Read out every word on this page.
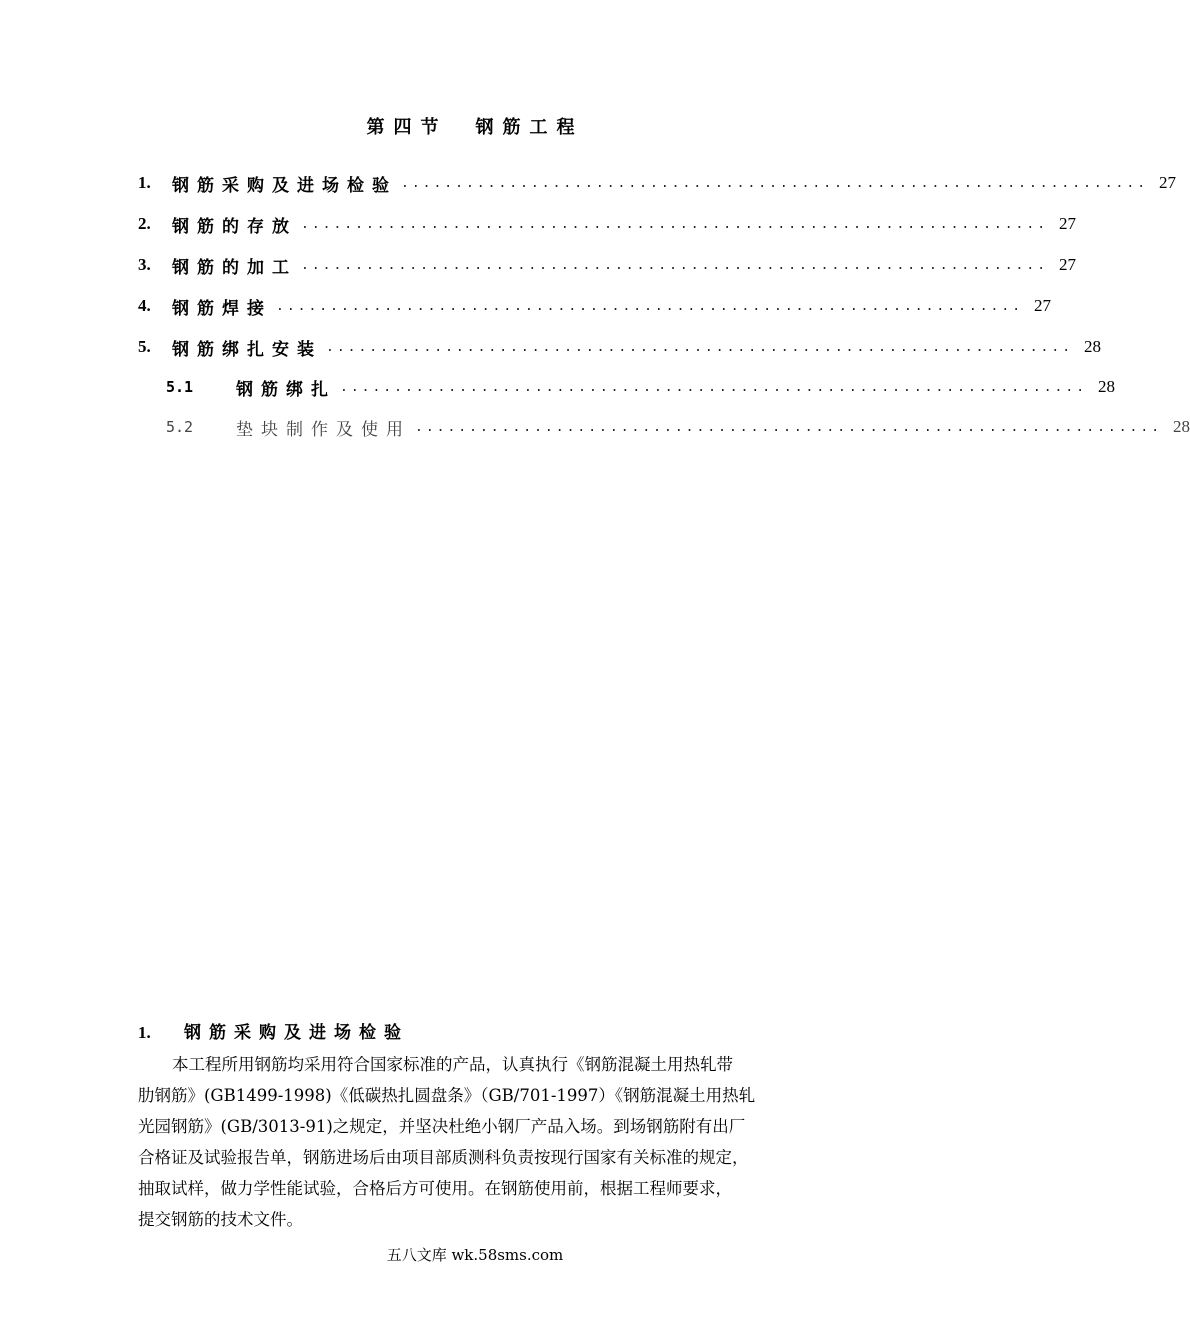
第四节 钢筋工程
1.	钢筋采购及进场检验 ..................................................................... 27
2.	钢筋的存放 ..................................................................... 27
3.	钢筋的加工 ..................................................................... 27
4.	钢筋焊接 ..................................................................... 27
5.	钢筋绑扎安装 ..................................................................... 28
5.1	钢筋绑扎 ..................................................................... 28
5.2	垫块制作及使用 ..................................................................... 28
1. 钢筋采购及进场检验
本工程所用钢筋均采用符合国家标准的产品，认真执行《钢筋混凝土用热轧带
肋钢筋》(GB1499-1998)《低碳热扎圆盘条》（GB/701-1997）《钢筋混凝土用热轧
光园钢筋》(GB/3013-91)之规定，并坚决杜绝小钢厂产品入场。到场钢筋附有出厂
合格证及试验报告单，钢筋进场后由项目部质测科负责按现行国家有关标准的规定，
抽取试样，做力学性能试验，合格后方可使用。在钢筋使用前，根据工程师要求，
提交钢筋的技术文件。
五八文库 wk.58sms.com
